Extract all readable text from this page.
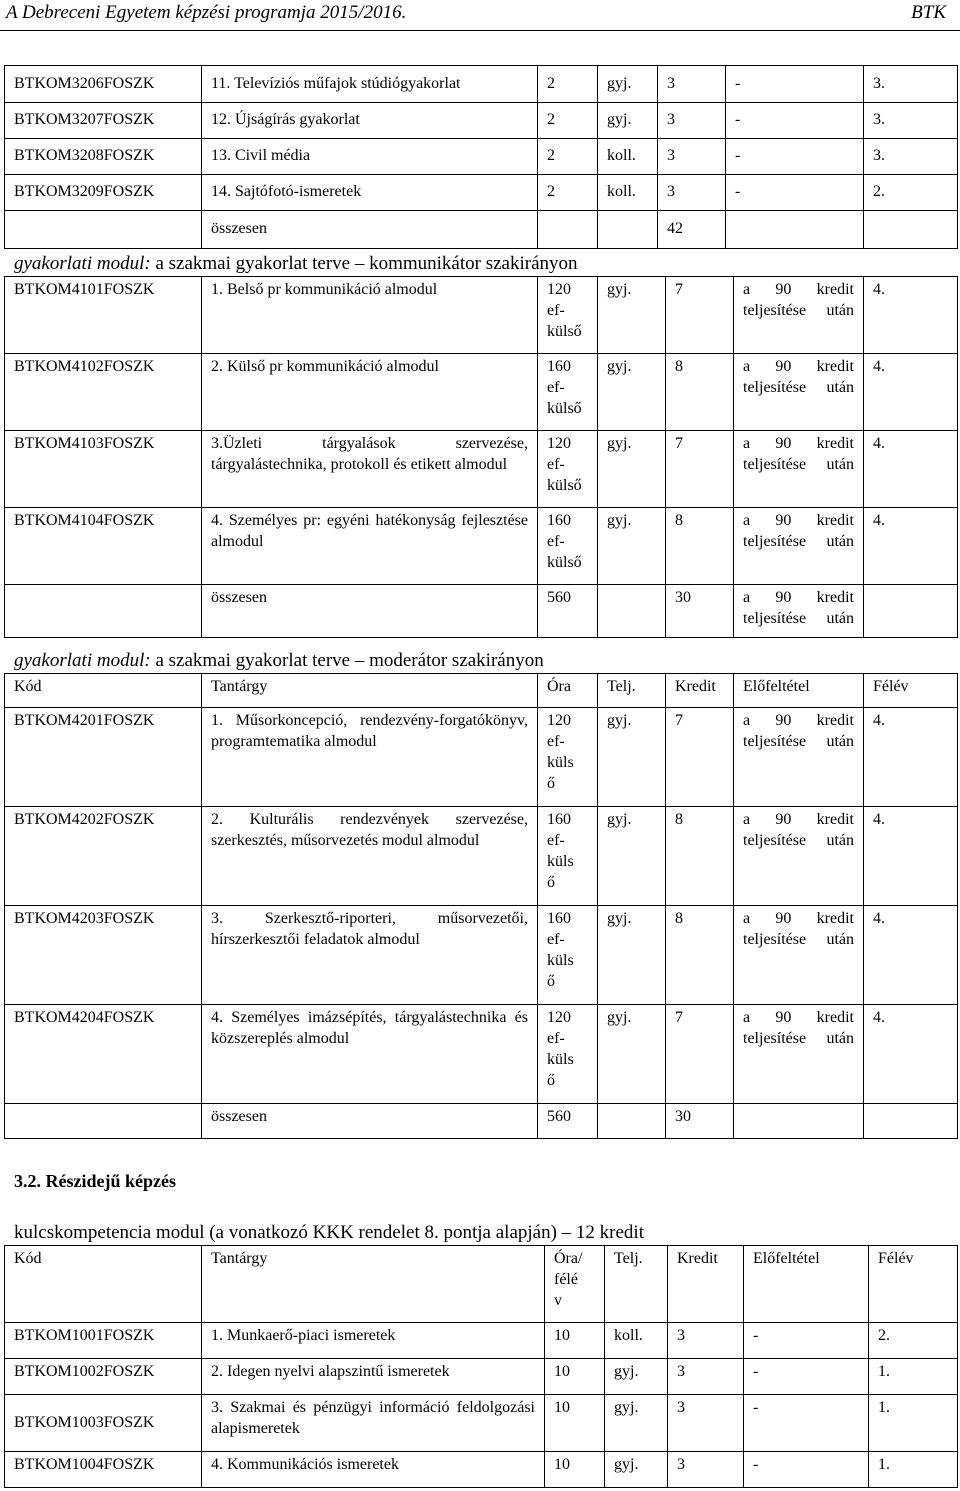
A Debreceni Egyetem képzési programja 2015/2016.	BTK
BTKOM3206FOSZK	11. Televíziós műfajok stúdiógyakorlat	2	gyj.	3	-	3.
BTKOM3207FOSZK	12. Újságírás gyakorlat	2	gyj.	3	-	3.
BTKOM3208FOSZK	13. Civil média	2	koll.	3	-	3.
BTKOM3209FOSZK	14. Sajtófotó-ismeretek	2	koll.	3	-	2.
	összesen			42		
gyakorlati modul: a szakmai gyakorlat terve – kommunikátor szakirányon
BTKOM4101FOSZK	1. Belső pr kommunikáció almodul	120
ef-
külső	gyj.	7	a 90 kredit
teljesítése után	4.
BTKOM4102FOSZK	2. Külső pr kommunikáció almodul	160
ef-
külső	gyj.	8	a 90 kredit
teljesítése után	4.
BTKOM4103FOSZK	3.Üzleti tárgyalások szervezése, tárgyalástechnika, protokoll és etikett almodul	120
ef-
külső	gyj.	7	a 90 kredit
teljesítése után	4.
BTKOM4104FOSZK	4. Személyes pr: egyéni hatékonyság fejlesztése almodul	160
ef-
külső	gyj.	8	a 90 kredit
teljesítése után	4.
	összesen	560		30	a 90 kredit
teljesítése után	

gyakorlati modul: a szakmai gyakorlat terve – moderátor szakirányon
Kód	Tantárgy	Óra	Telj.	Kredit	Előfeltétel	Félév
BTKOM4201FOSZK	1. Műsorkoncepció, rendezvény-forgatókönyv, programtematika almodul	120
ef-
küls
ő	gyj.	7	a 90 kredit
teljesítése után	4.
BTKOM4202FOSZK	2. Kulturális rendezvények szervezése, szerkesztés, műsorvezetés modul almodul	160
ef-
küls
ő	gyj.	8	a 90 kredit
teljesítése után	4.
BTKOM4203FOSZK	3. Szerkesztő-riporteri, műsorvezetői, hírszerkesztői feladatok almodul	160
ef-
küls
ő	gyj.	8	a 90 kredit
teljesítése után	4.
BTKOM4204FOSZK	4. Személyes imázsépítés, tárgyalástechnika és közszereplés almodul	120
ef-
küls
ő	gyj.	7	a 90 kredit
teljesítése után	4.
	összesen	560		30		
3.2. Részidejű képzés
kulcskompetencia modul (a vonatkozó KKK rendelet 8. pontja alapján) – 12 kredit
Kód	Tantárgy	Óra/
félé
v	Telj.	Kredit	Előfeltétel	Félév
BTKOM1001FOSZK	1. Munkaerő-piaci ismeretek	10	koll.	3	-	2.
BTKOM1002FOSZK	2. Idegen nyelvi alapszintű ismeretek	10	gyj.	3	-	1.
BTKOM1003FOSZK	3. Szakmai és pénzügyi információ feldolgozási alapismeretek	10	gyj.	3	-	1.
BTKOM1004FOSZK	4. Kommunikációs ismeretek	10	gyj.	3	-	1.
